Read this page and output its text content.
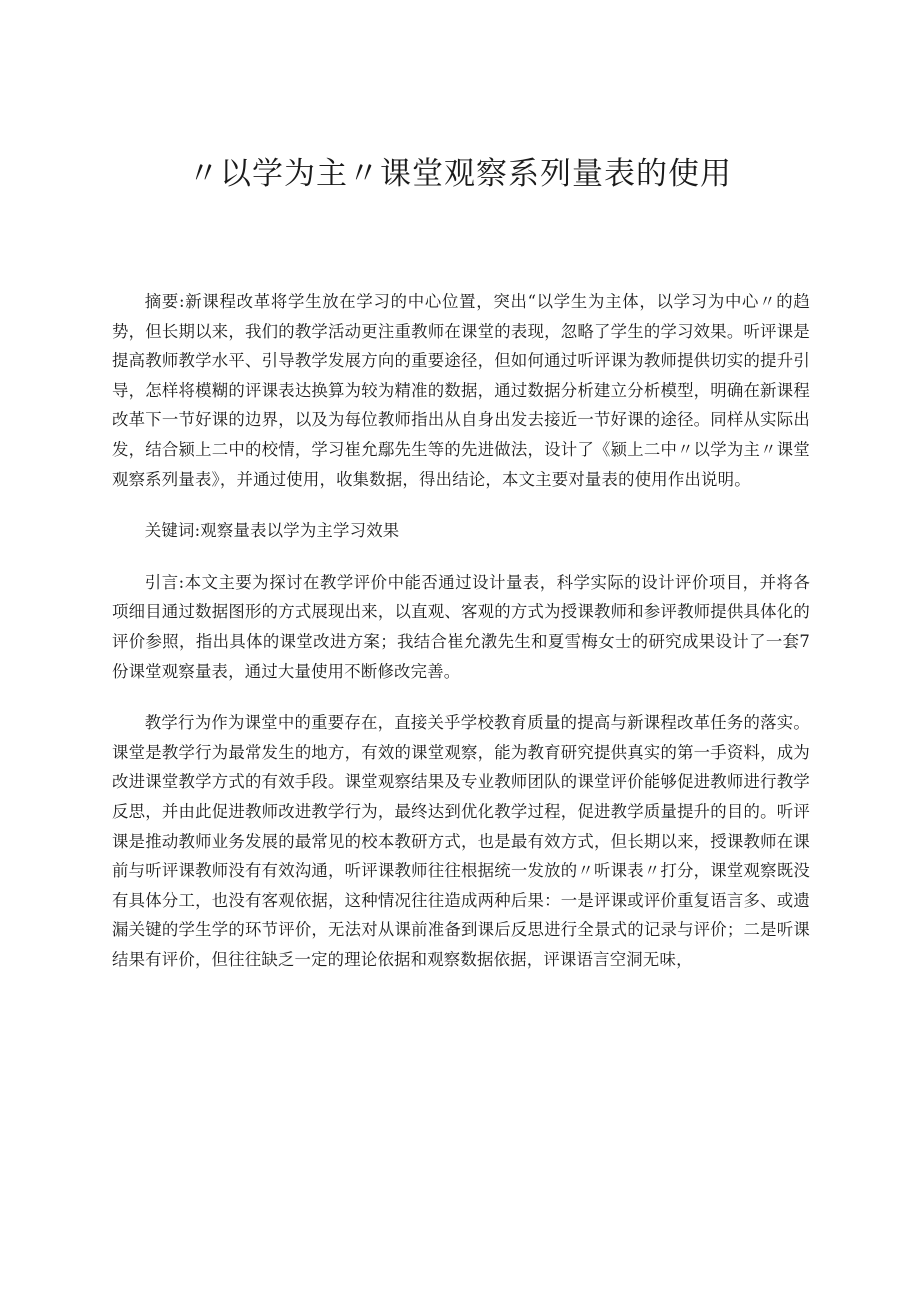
〃以学为主〃课堂观察系列量表的使用

摘要:新课程改革将学生放在学习的中心位置，突出“以学生为主体，以学习为中心〃的趋势，但长期以来，我们的教学活动更注重教师在课堂的表现，忽略了学生的学习效果。听评课是提高教师教学水平、引导教学发展方向的重要途径，但如何通过听评课为教师提供切实的提升引导，怎样将模糊的评课表达换算为较为精准的数据，通过数据分析建立分析模型，明确在新课程改革下一节好课的边界，以及为每位教师指出从自身出发去接近一节好课的途径。同样从实际出发，结合颍上二中的校情，学习崔允鄢先生等的先进做法，设计了《颍上二中〃以学为主〃课堂观察系列量表》，并通过使用，收集数据，得出结论，本文主要对量表的使用作出说明。

关键词:观察量表以学为主学习效果

引言:本文主要为探讨在教学评价中能否通过设计量表，科学实际的设计评价项目，并将各项细目通过数据图形的方式展现出来，以直观、客观的方式为授课教师和参评教师提供具体化的评价参照，指出具体的课堂改进方案；我结合崔允漖先生和夏雪梅女士的研究成果设计了一套7份课堂观察量表，通过大量使用不断修改完善。

教学行为作为课堂中的重要存在，直接关乎学校教育质量的提高与新课程改革任务的落实。课堂是教学行为最常发生的地方，有效的课堂观察，能为教育研究提供真实的第一手资料，成为改进课堂教学方式的有效手段。课堂观察结果及专业教师团队的课堂评价能够促进教师进行教学反思，并由此促进教师改进教学行为，最终达到优化教学过程，促进教学质量提升的目的。听评课是推动教师业务发展的最常见的校本教研方式，也是最有效方式，但长期以来，授课教师在课前与听评课教师没有有效沟通，听评课教师往往根据统一发放的〃听课表〃打分，课堂观察既没有具体分工，也没有客观依据，这种情况往往造成两种后果：一是评课或评价重复语言多、或遗漏关键的学生学的环节评价，无法对从课前准备到课后反思进行全景式的记录与评价；二是听课结果有评价，但往往缺乏一定的理论依据和观察数据依据，评课语言空洞无味，
